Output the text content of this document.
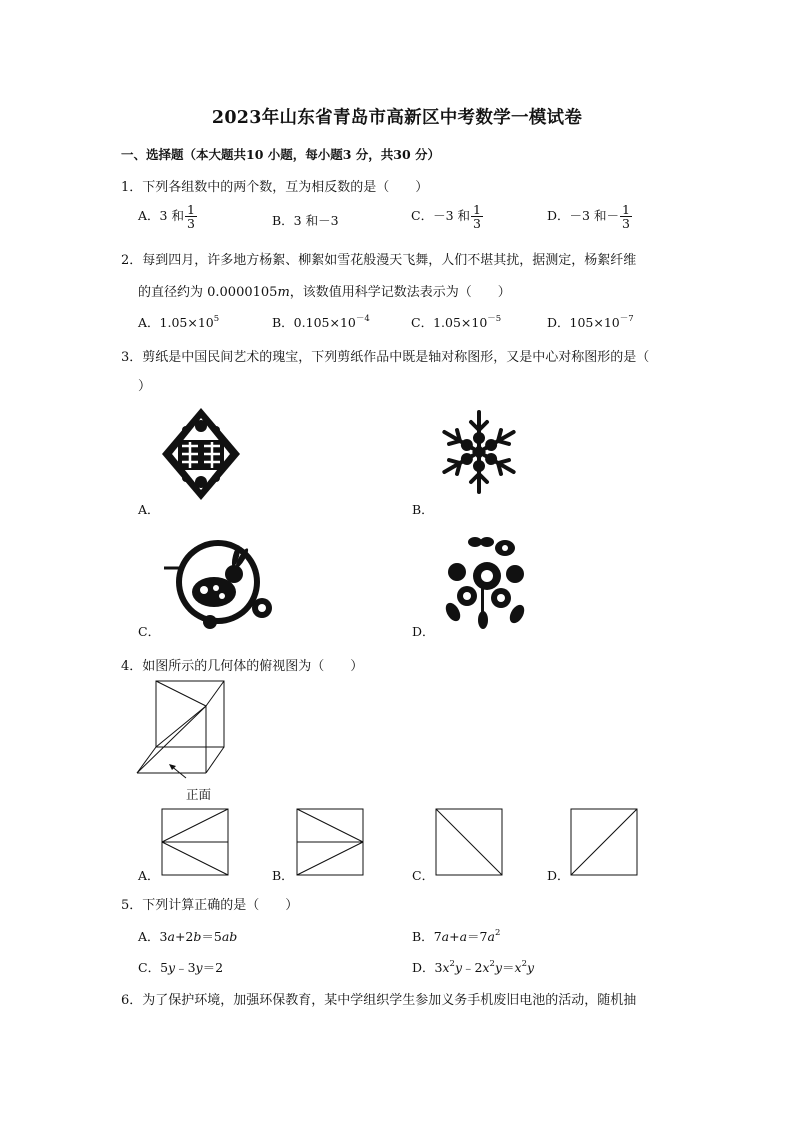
2023年山东省青岛市高新区中考数学一模试卷
一、选择题（本大题共10 小题，每小题3 分，共30 分）
1．下列各组数中的两个数，互为相反数的是（　　）
A．3 和 $\frac{1}{3}$	B．3 和－3	C．－3 和 $\frac{1}{3}$	D．－3 和－ $\frac{1}{3}$
2．每到四月，许多地方杨絮、柳絮如雪花般漫天飞舞，人们不堪其扰，据测定，杨絮纤维
的直径约为 0.0000105m，该数值用科学记数法表示为（　　）
A．$1.05\times 10^5$	B．$0.105\times 10^{-4}$	C．$1.05\times 10^{-5}$	D．$105\times 10^{-7}$
3．剪纸是中国民间艺术的瑰宝，下列剪纸作品中既是轴对称图形，又是中心对称图形的是（
）
A．	B．
C．	D．
4．如图所示的几何体的俯视图为（　　）
正面
A．	B．	C．	D．
5．下列计算正确的是（　　）
A．3a+2b＝5ab	B．$7a+a=7a^2$
C．5y﹣3y＝2	D．$3x^2y﹣2x^2y=x^2y$
6．为了保护环境，加强环保教育，某中学组织学生参加义务手机废旧电池的活动，随机抽
